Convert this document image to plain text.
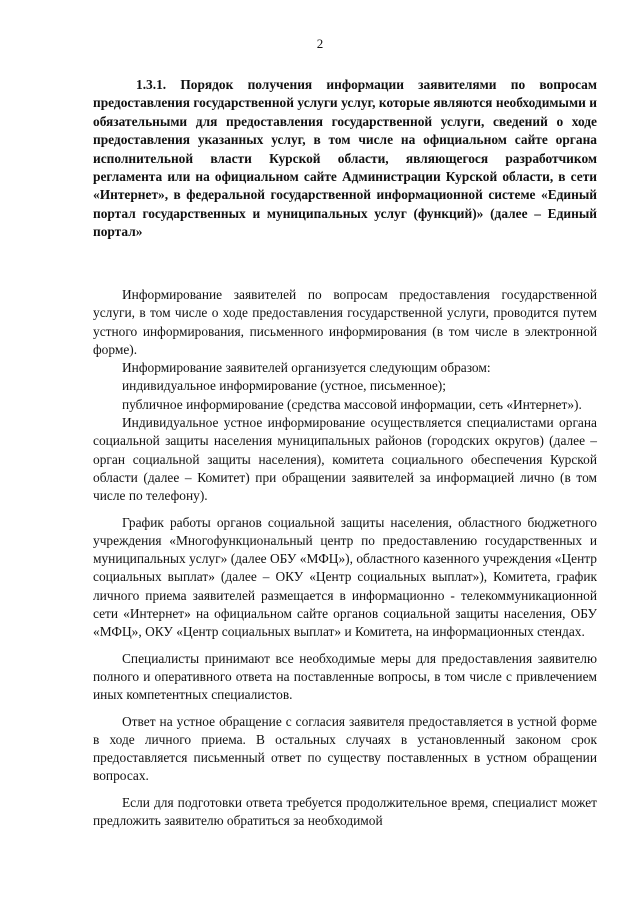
2
1.3.1. Порядок получения информации заявителями по вопросам предоставления государственной услуги услуг, которые являются необходимыми и обязательными для предоставления государственной услуги, сведений о ходе предоставления указанных услуг, в том числе на официальном сайте органа исполнительной власти Курской области, являющегося разработчиком регламента или на официальном сайте Администрации Курской области, в сети «Интернет», в федеральной государственной информационной системе «Единый портал государственных и муниципальных услуг (функций)» (далее – Единый портал»

Информирование заявителей по вопросам предоставления государственной услуги, в том числе о ходе предоставления государственной услуги, проводится путем устного информирования, письменного информирования (в том числе в электронной форме).

Информирование заявителей организуется следующим образом:

индивидуальное информирование (устное, письменное);

публичное информирование (средства массовой информации, сеть «Интернет»).

Индивидуальное устное информирование осуществляется специалистами органа социальной защиты населения муниципальных районов (городских округов) (далее – орган социальной защиты населения), комитета социального обеспечения Курской области (далее – Комитет) при обращении заявителей за информацией лично (в том числе по телефону).

График работы органов социальной защиты населения, областного бюджетного учреждения «Многофункциональный центр по предоставлению государственных и муниципальных услуг» (далее ОБУ «МФЦ»), областного казенного учреждения «Центр социальных выплат» (далее – ОКУ «Центр социальных выплат»), Комитета, график личного приема заявителей размещается в информационно - телекоммуникационной сети «Интернет» на официальном сайте органов социальной защиты населения, ОБУ «МФЦ», ОКУ «Центр социальных выплат» и Комитета, на информационных стендах.

Специалисты принимают все необходимые меры для предоставления заявителю полного и оперативного ответа на поставленные вопросы, в том числе с привлечением иных компетентных специалистов.

Ответ на устное обращение с согласия заявителя предоставляется в устной форме в ходе личного приема. В остальных случаях в установленный законом срок предоставляется письменный ответ по существу поставленных в устном обращении вопросах.

Если для подготовки ответа требуется продолжительное время, специалист может предложить заявителю обратиться за необходимой
